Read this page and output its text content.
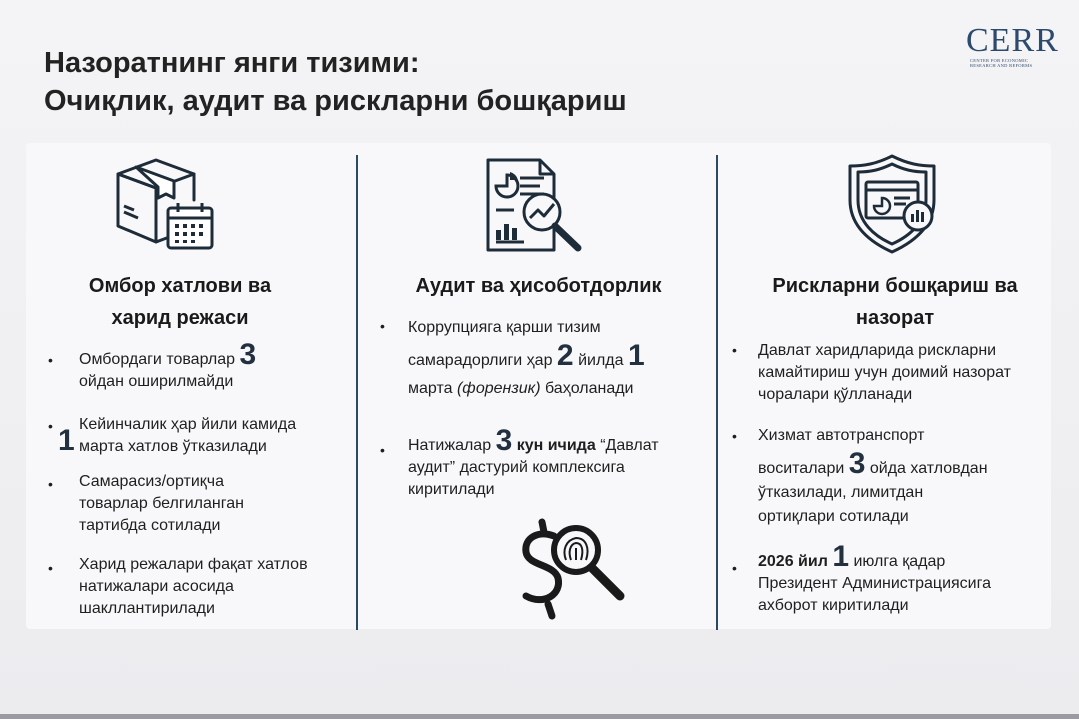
Назоратнинг янги тизими:
Очиқлик, аудит ва рискларни бошқариш
CERR
CENTER FOR ECONOMIC
RESEARCH AND REFORMS
Омбор хатлови ва
харид режаси
• Омбордаги товарлар 3
ойдан оширилмайди
• 1 Кейинчалик ҳар йили камида
марта хатлов ўтказилади
• Самарасиз/ортиқча
товарлар белгиланган
тартибда сотилади
• Харид режалари фақат хатлов
натижалари асосида
шакллантирилади
Аудит ва ҳисоботдорлик
• Коррупцияга қарши тизим
самарадорлиги ҳар 2 йилда 1
марта (форензик) баҳоланади
• Натижалар 3 кун ичида “Давлат
аудит” дастурий комплексига
киритилади
Рискларни бошқариш ва
назорат
• Давлат харидларида рискларни
камайтириш учун доимий назорат
чоралари қўлланади
• Хизмат автотранспорт
воситалари 3 ойда хатловдан
ўтказилади, лимитдан
ортиқлари сотилади
• 2026 йил 1 июлга қадар
Президент Администрациясига
ахборот киритилади
